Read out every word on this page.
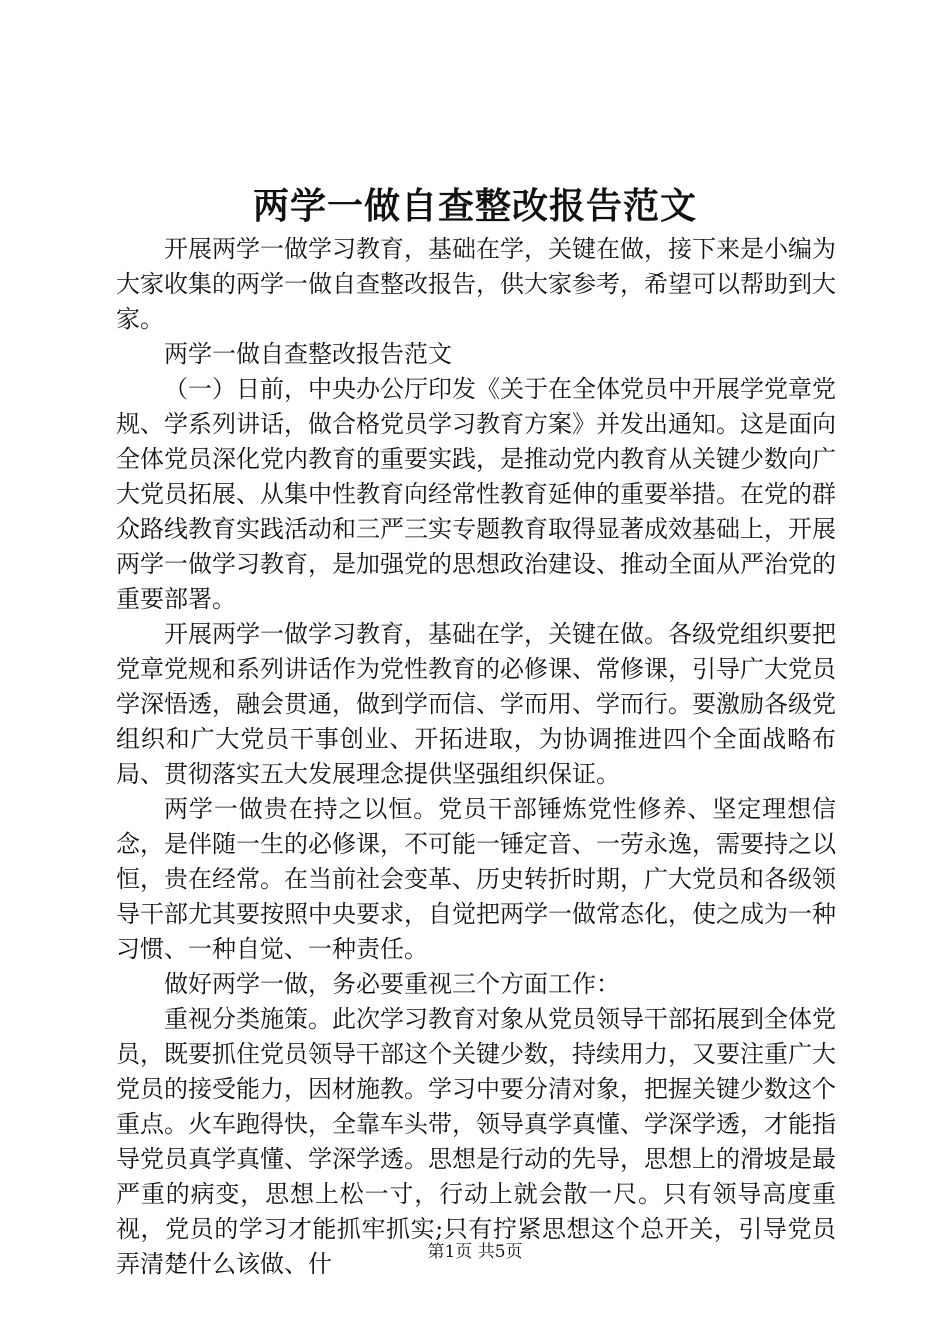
两学一做自查整改报告范文

开展两学一做学习教育，基础在学，关键在做，接下来是小编为大家收集的两学一做自查整改报告，供大家参考，希望可以帮助到大家。

两学一做自查整改报告范文

（一）日前，中央办公厅印发《关于在全体党员中开展学党章党规、学系列讲话，做合格党员学习教育方案》并发出通知。这是面向全体党员深化党内教育的重要实践，是推动党内教育从关键少数向广大党员拓展、从集中性教育向经常性教育延伸的重要举措。在党的群众路线教育实践活动和三严三实专题教育取得显著成效基础上，开展两学一做学习教育，是加强党的思想政治建设、推动全面从严治党的重要部署。

开展两学一做学习教育，基础在学，关键在做。各级党组织要把党章党规和系列讲话作为党性教育的必修课、常修课，引导广大党员学深悟透，融会贯通，做到学而信、学而用、学而行。要激励各级党组织和广大党员干事创业、开拓进取，为协调推进四个全面战略布局、贯彻落实五大发展理念提供坚强组织保证。

两学一做贵在持之以恒。党员干部锤炼党性修养、坚定理想信念，是伴随一生的必修课，不可能一锤定音、一劳永逸，需要持之以恒，贵在经常。在当前社会变革、历史转折时期，广大党员和各级领导干部尤其要按照中央要求，自觉把两学一做常态化，使之成为一种习惯、一种自觉、一种责任。

做好两学一做，务必要重视三个方面工作：

重视分类施策。此次学习教育对象从党员领导干部拓展到全体党员，既要抓住党员领导干部这个关键少数，持续用力，又要注重广大党员的接受能力，因材施教。学习中要分清对象，把握关键少数这个重点。火车跑得快，全靠车头带，领导真学真懂、学深学透，才能指导党员真学真懂、学深学透。思想是行动的先导，思想上的滑坡是最严重的病变，思想上松一寸，行动上就会散一尺。只有领导高度重视，党员的学习才能抓牢抓实;只有拧紧思想这个总开关，引导党员弄清楚什么该做、什	第1页 共5页
